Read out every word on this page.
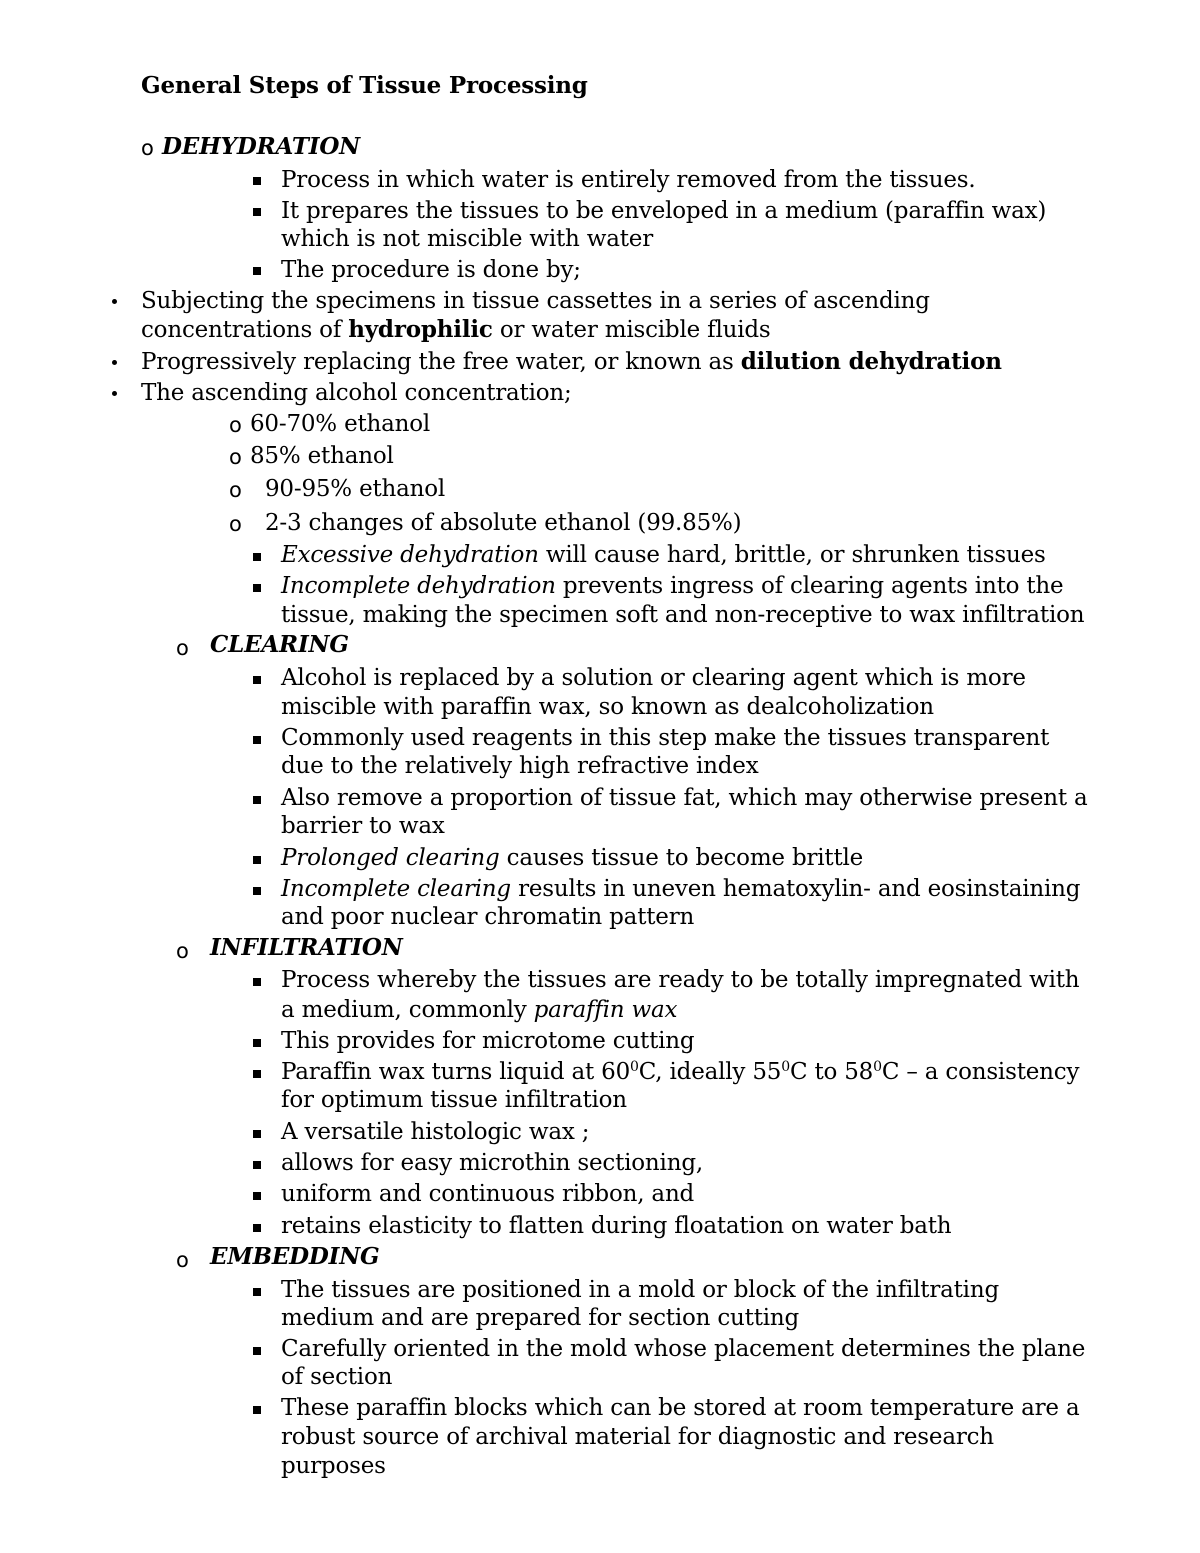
General Steps of Tissue Processing
o DEHYDRATION
Process in which water is entirely removed from the tissues.
It prepares the tissues to be enveloped in a medium (paraffin wax)
which is not miscible with water
The procedure is done by;
Subjecting the specimens in tissue cassettes in a series of ascending
concentrations of hydrophilic or water miscible fluids
Progressively replacing the free water, or known as dilution dehydration
The ascending alcohol concentration;
o 60-70% ethanol
o 85% ethanol
o 90-95% ethanol
o 2-3 changes of absolute ethanol (99.85%)
Excessive dehydration will cause hard, brittle, or shrunken tissues
Incomplete dehydration prevents ingress of clearing agents into the
tissue, making the specimen soft and non-receptive to wax infiltration
o CLEARING
Alcohol is replaced by a solution or clearing agent which is more
miscible with paraffin wax, so known as dealcoholization
Commonly used reagents in this step make the tissues transparent
due to the relatively high refractive index
Also remove a proportion of tissue fat, which may otherwise present a
barrier to wax
Prolonged clearing causes tissue to become brittle
Incomplete clearing results in uneven hematoxylin- and eosinstaining
and poor nuclear chromatin pattern
o INFILTRATION
Process whereby the tissues are ready to be totally impregnated with
a medium, commonly paraffin wax
This provides for microtome cutting
Paraffin wax turns liquid at $60^0C$, ideally $55^0C$ to $58^0C$ – a consistency
for optimum tissue infiltration
A versatile histologic wax ;
allows for easy microthin sectioning,
uniform and continuous ribbon, and
retains elasticity to flatten during floatation on water bath
o EMBEDDING
The tissues are positioned in a mold or block of the infiltrating
medium and are prepared for section cutting
Carefully oriented in the mold whose placement determines the plane
of section
These paraffin blocks which can be stored at room temperature are a
robust source of archival material for diagnostic and research
purposes
